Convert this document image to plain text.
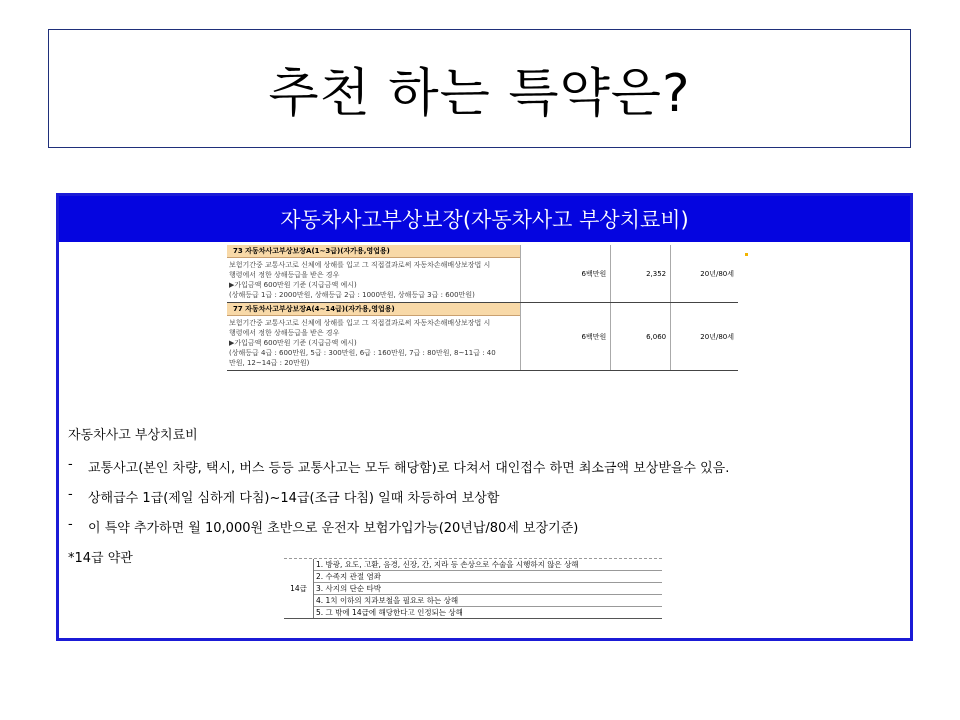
추천 하는 특약은?
자동차사고부상보장(자동차사고 부상치료비)
73 자동차사고부상보장A(1~3급)(자가용,영업용)
보험기간중 교통사고로 신체에 상해를 입고 그 직접결과로써 자동차손해배상보장법 시
행령에서 정한 상해등급을 받은 경우
▶가입금액 600만원 기준 (지급금액 예시)
(상해등급 1급 : 2000만원, 상해등급 2급 : 1000만원, 상해등급 3급 : 600만원)
6백만원	2,352	20년/80세
77 자동차사고부상보장A(4~14급)(자가용,영업용)
보험기간중 교통사고로 신체에 상해를 입고 그 직접결과로써 자동차손해배상보장법 시
행령에서 정한 상해등급을 받은 경우
▶가입금액 600만원 기준 (지급금액 예시)
(상해등급 4급 : 600만원, 5급 : 300만원, 6급 : 160만원, 7급 : 80만원, 8~11급 : 40
만원, 12~14급 : 20만원)
6백만원	6,060	20년/80세

자동차사고 부상치료비

-	교통사고(본인 차량, 택시, 버스 등등 교통사고는 모두 해당함)로 다쳐서 대인접수 하면 최소금액 보상받을수 있음.
-	상해급수 1급(제일 심하게 다침)~14급(조금 다침) 일때 차등하여 보상함
-	이 특약 추가하면 월 10,000원 초반으로 운전자 보험가입가능(20년납/80세 보장기준)

*14급 약관

14급
1. 방광, 요도, 고환, 음경, 신장, 간, 지라 등 손상으로 수술을 시행하지 않은 상해
2. 수족지 관절 염좌
3. 사지의 단순 타박
4. 1치 이하의 치과보철을 필요로 하는 상해
5. 그 밖에 14급에 해당한다고 인정되는 상해
